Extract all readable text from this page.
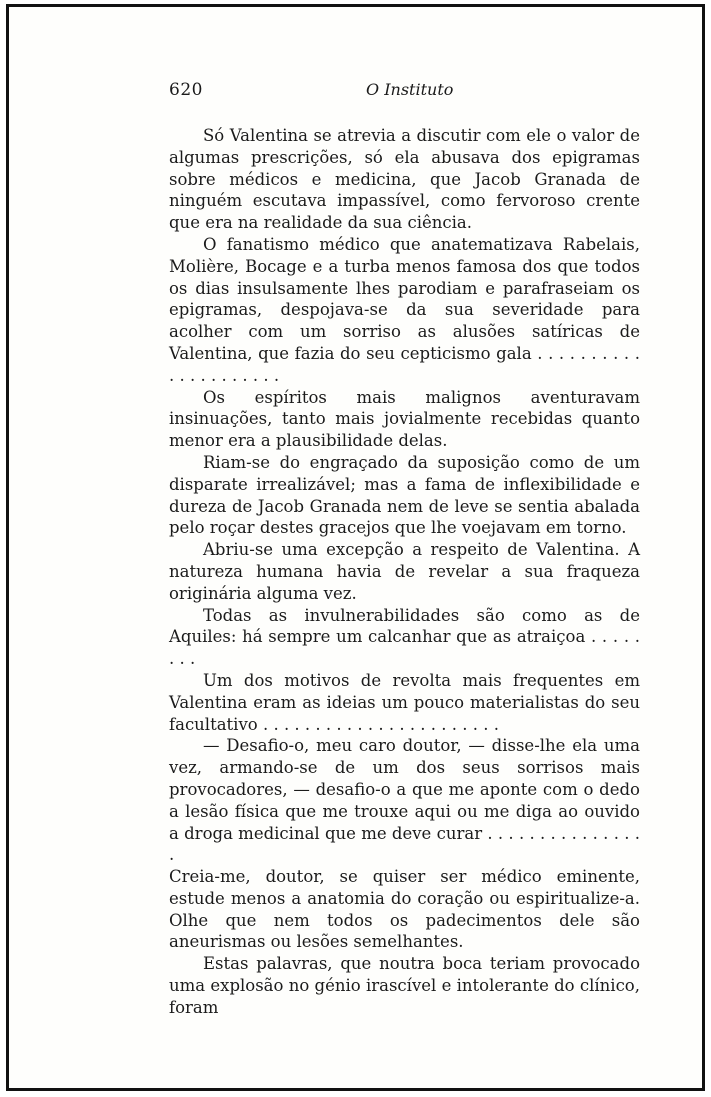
620	O Instituto

Só Valentina se atrevia a discutir com ele o valor de algumas prescrições, só ela abusava dos epigramas sobre médicos e medicina, que Jacob Granada de ninguém escutava impassível, como fervoroso crente que era na realidade da sua ciência.

O fanatismo médico que anatematizava Rabelais, Molière, Bocage e a turba menos famosa dos que todos os dias insulsamente lhes parodiam e parafraseiam os epigramas, despojava-se da sua severidade para acolher com um sorriso as alusões satíricas de Valentina, que fazia do seu cepticismo gala . . . . . . . . . . . . . . . . . . . . .

Os espíritos mais malignos aventuravam insinuações, tanto mais jovialmente recebidas quanto menor era a plausibilidade delas.

Riam-se do engraçado da suposição como de um disparate irrealizável; mas a fama de inflexibilidade e dureza de Jacob Granada nem de leve se sentia abalada pelo roçar destes gracejos que lhe voejavam em torno.

Abriu-se uma excepção a respeito de Valentina. A natureza humana havia de revelar a sua fraqueza originária alguma vez.

Todas as invulnerabilidades são como as de Aquiles: há sempre um calcanhar que as atraiçoa . . . . . . . .

Um dos motivos de revolta mais frequentes em Valentina eram as ideias um pouco materialistas do seu facultativo . . . . . . . . . . . . . . . . . . . . . . .

— Desafio-o, meu caro doutor, — disse-lhe ela uma vez, armando-se de um dos seus sorrisos mais provocadores, — desafio-o a que me aponte com o dedo a lesão física que me trouxe aqui ou me diga ao ouvido a droga medicinal que me deve curar . . . . . . . . . . . . . . . .

Creia-me, doutor, se quiser ser médico eminente, estude menos a anatomia do coração ou espiritualize-a. Olhe que nem todos os padecimentos dele são aneurismas ou lesões semelhantes.

Estas palavras, que noutra boca teriam provocado uma explosão no génio irascível e intolerante do clínico, foram
